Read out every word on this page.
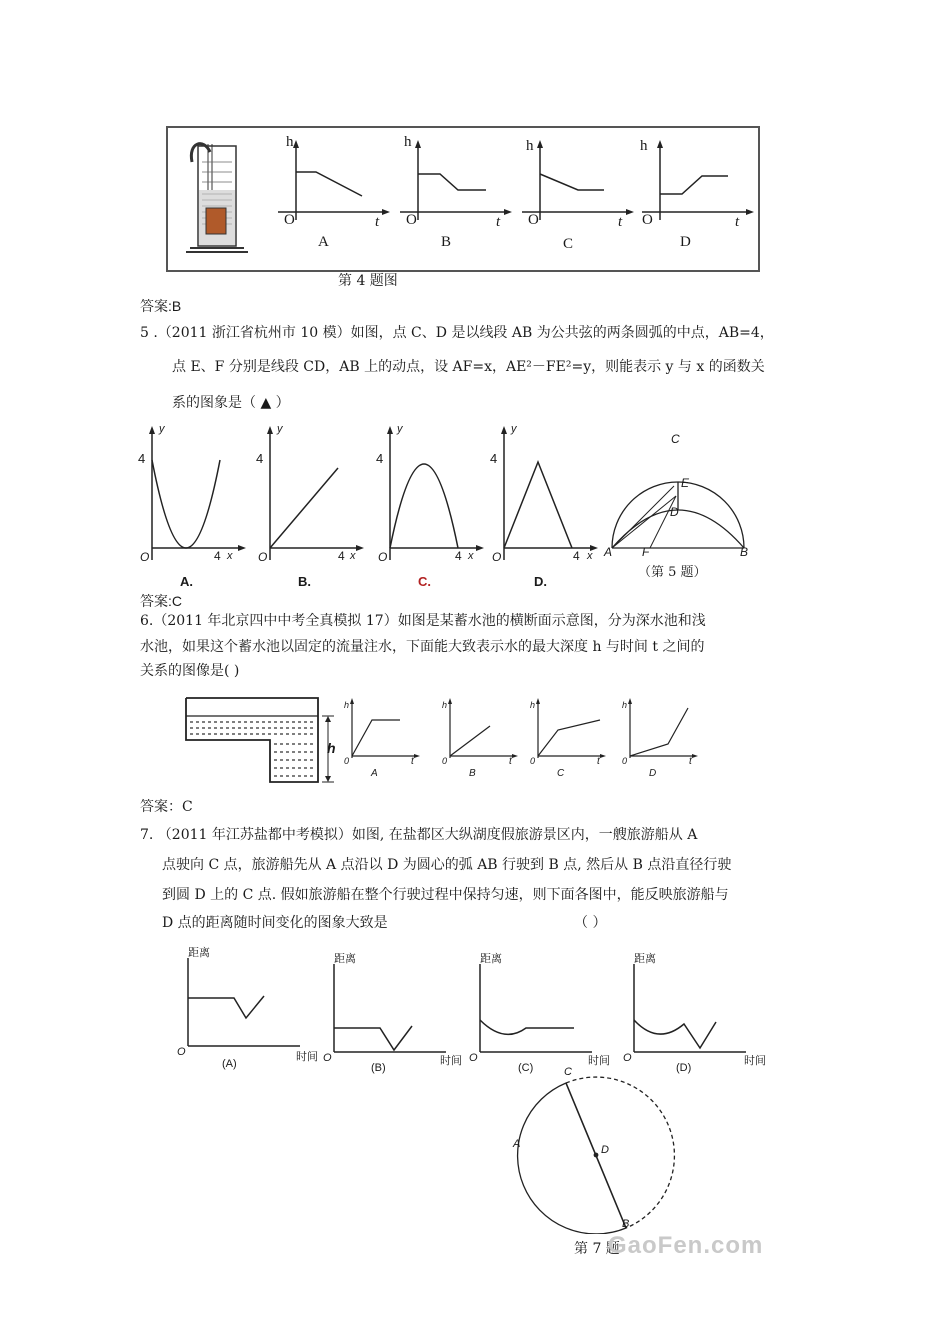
h	h	h	h
O	O	O	O
t	t	t	t
A	B	C	D
第 4 题图
答案:B
5 .（2011 浙江省杭州市 10 模）如图，点 C、D 是以线段 AB 为公共弦的两条圆弧的中点，AB=4，
点 E、F 分别是线段 CD，AB 上的动点，设 AF=x，AE²－FE²=y，则能表示 y 与 x 的函数关
系的图象是（ ▲ ）
y	y	y	y
4	4	4	4
O	O	O	O
4	4	4	4
x	x	x	x
A.	B.	C.	D.
C
E
D
A F	B
（第 5 题）
答案:C
6.（2011 年北京四中中考全真模拟 17）如图是某蓄水池的横断面示意图，分为深水池和浅
水池，如果这个蓄水池以固定的流量注水，下面能大致表示水的最大深度 h 与时间 t 之间的
关系的图像是( )
h
h	h	h	h
0	0	0	0
t	t	t	t
A	B	C	D
答案：C
7. （2011 年江苏盐都中考模拟）如图, 在盐都区大纵湖度假旅游景区内，一艘旅游船从 A
点驶向 C 点，旅游船先从 A 点沿以 D 为圆心的弧 AB 行驶到 B 点, 然后从 B 点沿直径行驶
到圆 D 上的 C 点. 假如旅游船在整个行驶过程中保持匀速，则下面各图中，能反映旅游船与
D 点的距离随时间变化的图象大致是	（ ）
距离	距离	距离	距离
O	O	O	O
时间	时间	时间	时间
(A)	(B)	(C)	(D)
C
A	D
B
第 7 题
GaoFen.com
